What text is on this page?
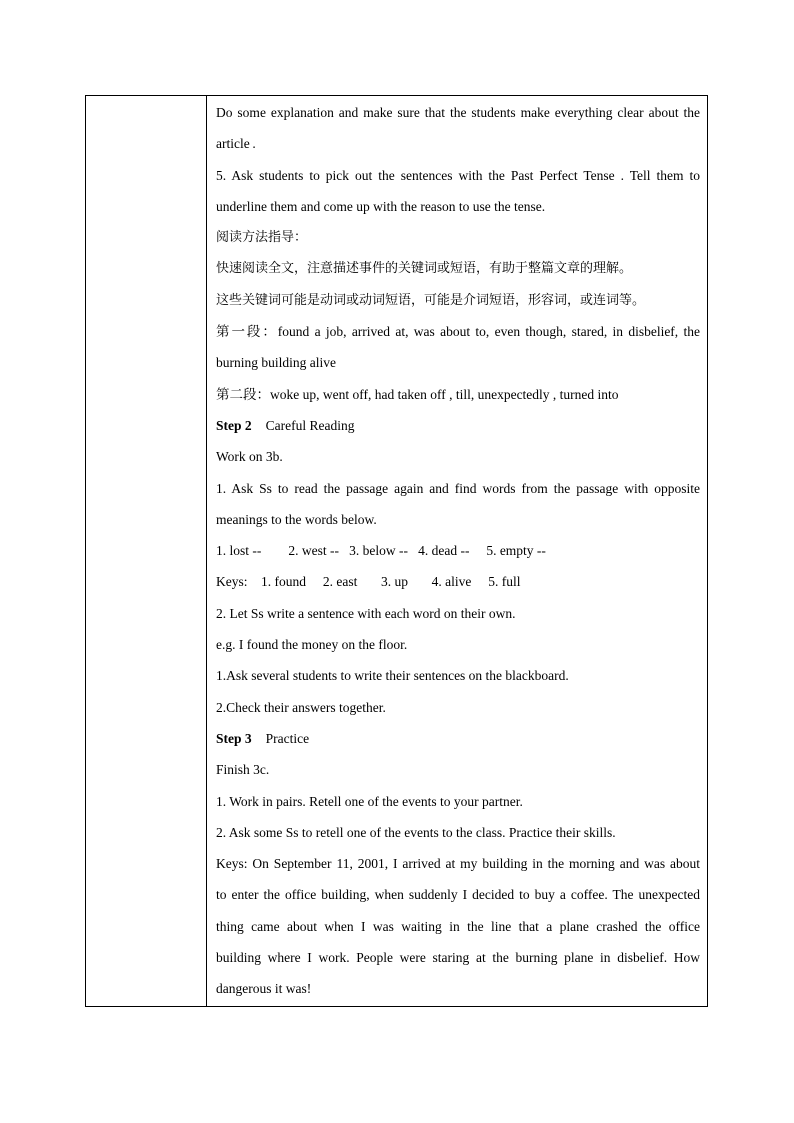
Do some explanation and make sure that the students make everything clear about the
article .
5. Ask students to pick out the sentences with the Past Perfect Tense . Tell them to
underline them and come up with the reason to use the tense.
阅读方法指导：
快速阅读全文，注意描述事件的关键词或短语，有助于整篇文章的理解。
这些关键词可能是动词或动词短语，可能是介词短语，形容词，或连词等。
第一段：found a job, arrived at, was about to, even though, stared, in disbelief, the
burning building alive
第二段：woke up, went off, had taken off , till, unexpectedly , turned into
Step 2 Careful Reading
Work on 3b.
1. Ask Ss to read the passage again and find words from the passage with opposite
meanings to the words below.
1. lost --        2. west --   3. below --   4. dead --     5. empty --
Keys:    1. found     2. east       3. up       4. alive     5. full
2. Let Ss write a sentence with each word on their own.
e.g. I found the money on the floor.
1.Ask several students to write their sentences on the blackboard.
2.Check their answers together.
Step 3 Practice
Finish 3c.
1. Work in pairs. Retell one of the events to your partner.
2. Ask some Ss to retell one of the events to the class. Practice their skills.
Keys: On September 11, 2001, I arrived at my building in the morning and was about
to enter the office building, when suddenly I decided to buy a coffee. The unexpected
thing came about when I was waiting in the line that a plane crashed the office
building where I work. People were staring at the burning plane in disbelief. How
dangerous it was!
